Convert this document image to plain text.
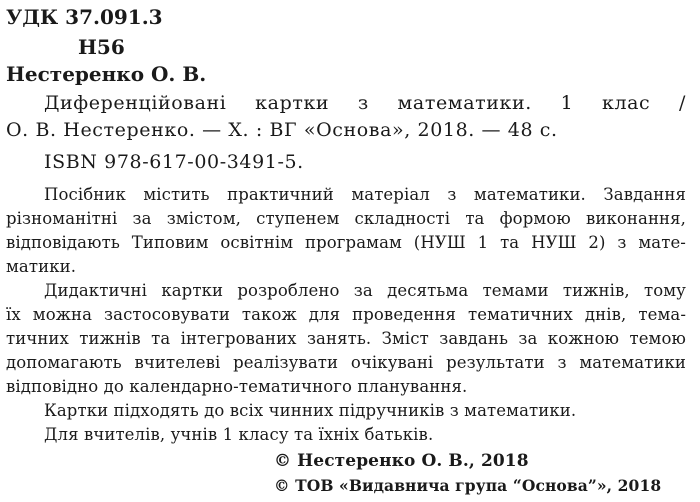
УДК 37.091.3
Н56
Нестеренко О. В.
Диференційовані картки з математики. 1 клас /
О. В. Нестеренко. — Х. : ВГ «Основа», 2018. — 48 с.
ISBN 978-617-00-3491-5.
Посібник містить практичний матеріал з математики. Завдання
різноманітні за змістом, ступенем складності та формою виконання,
відповідають Типовим освітнім програмам (НУШ 1 та НУШ 2) з мате-
матики.
Дидактичні картки розроблено за десятьма темами тижнів, тому
їх можна застосовувати також для проведення тематичних днів, темa-
тичних тижнів та інтегрованих занять. Зміст завдань за кожною темою
допомагають вчителеві реалізувати очікувані результати з математики
відповідно до календарно-тематичного планування.
Картки підходять до всіх чинних підручників з математики.
Для вчителів, учнів 1 класу та їхніх батьків.
© Нестеренко О. В., 2018
© ТОВ «Видавнича група “Основа”», 2018
